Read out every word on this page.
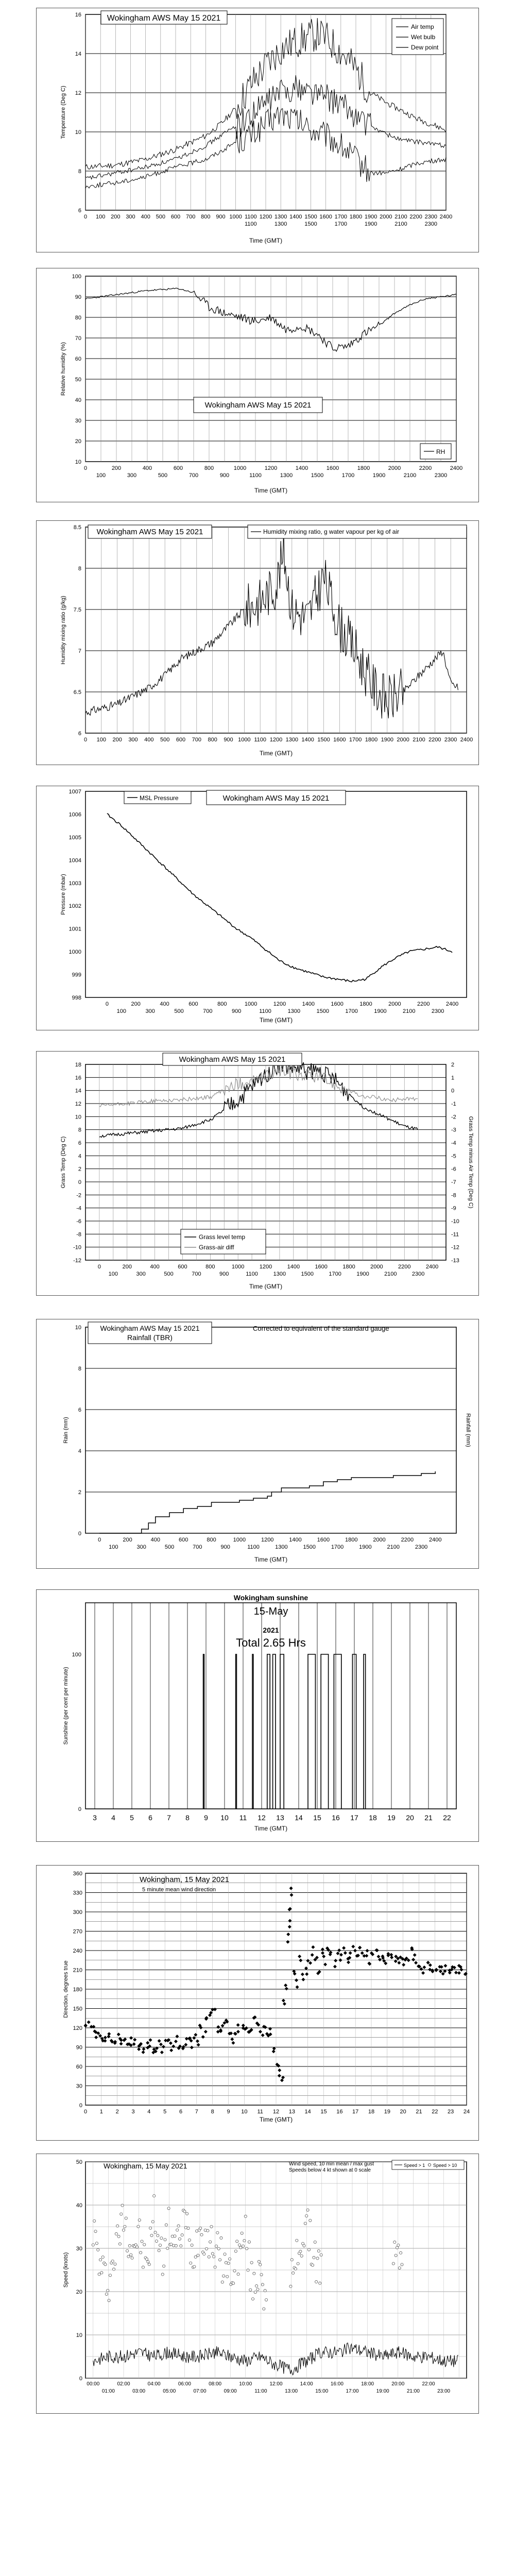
6
8
10
12
14
16
0 100 200 300 400 500 600 700 800 900 1000 1100 1200 1300 1400 1500 1600 1700 1800 1900 2000 2100 2200 2300 2400
1100	1300	1500	1700	1900	2100	2300
Time (GMT)
Temperature (Deg C)
Wokingham AWS May 15 2021
Air temp
Wet bulb
Dew point
10
20
30
40
50
60
70
80
90
100
0	200	400	600	800	1000	1200	1400	1600	1800	2000	2200	2400
100	300	500	700	900	1100	1300	1500	1700	1900	2100	2300
Time (GMT)
Relative humidity (%)
Wokingham AWS May 15 2021
RH
6
6.5
7
7.5
8
8.5
0 100 200 300 400 500 600 700 800 900 1000 1100 1200 1300 1400 1500 1600 1700 1800 1900 2000 2100 2200 2300 2400
Time (GMT)
Humidity mixing ratio (g/kg)
Wokingham AWS May 15 2021	Humidity mixing ratio, g water vapour per kg of air
998
999
1000
1001
1002
1003
1004
1005
1006
1007
0	200	400	600	800	1000	1200	1400	1600	1800	2000	2200	2400
100	300	500	700	900	1100	1300	1500	1700	1900	2100	2300
Time (GMT)
Pressure (mbar)
MSL Pressure	Wokingham AWS May 15 2021
18
16
14
12
10
8
6
4
2
0
-2
-4
-6
-8
-10
-12
0	200	400	600	800	1000	1200	1400	1600	1800	2000	2200	2400
100	300	500	700	900	1100	1300	1500	1700	1900	2100	2300
Time (GMT)
Grass Temp (Deg C)
2
1
0
-1
-2
-3
-4
-5
-6
-7
-8
-9
-10
-11
-12
-13
Grass Temp minus Air Temp (Deg C)
Wokingham AWS May 15 2021
Grass level temp
Grass-air diff
0
2
4
6
8
10
0	200	400	600	800	1000	1200	1400	1600	1800	2000	2200	2400
100	300	500	700	900	1100	1300	1500	1700	1900	2100	2300
Time (GMT)
Rain (mm)	Rainfall (mm)
Wokingham AWS May 15 2021
Rainfall (TBR)
Corrected to equivalent of the standard gauge
3 4 5 6 7 8 9 10 11 12 13 14 15 16 17 18 19 20 21 22
0
100
Time (GMT)
Sunshine (per cent per minute)
Wokingham sunshine
15-May
2021
Total 2.65 Hrs
0
30
60
90
120
150
180
210
240
270
300
330
360
0 1 2 3 4 5 6 7 8 9 10 11 12 13 14 15 16 17 18 19 20 21 22 23 24
Time (GMT)
Direction, degrees true
Wokingham, 15 May 2021
5 minute mean wind direction
0
10
20
30
40
50
00:00	02:00	04:00	06:00	08:00	10:00	12:00	14:00	16:00	18:00	20:00	22:00
01:00	03:00	05:00	07:00	09:00	11:00	13:00	15:00	17:00	19:00	21:00	23:00
Speed (knots)
Wokingham, 15 May 2021	Wind speed, 10 min mean / max gust
Speeds below 4 kt shown at 0 scale
Speed > 1 Speed > 10
